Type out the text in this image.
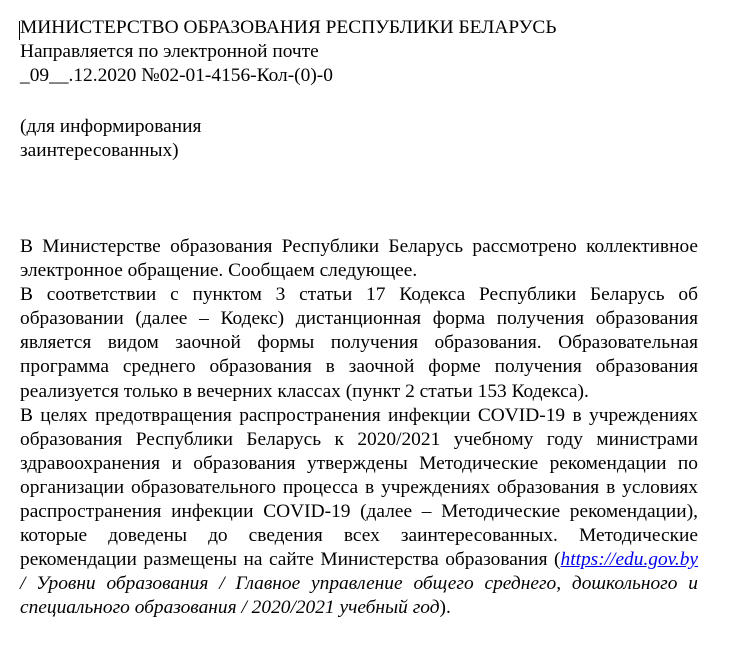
МИНИСТЕРСТВО ОБРАЗОВАНИЯ РЕСПУБЛИКИ БЕЛАРУСЬ
Направляется по электронной почте
_09__.12.2020 №02-01-4156-Кол-(0)-0
(для информирования
заинтересованных)

В Министерстве образования Республики Беларусь рассмотрено коллективное электронное обращение. Сообщаем следующее.

В соответствии с пунктом 3 статьи 17 Кодекса Республики Беларусь об образовании (далее – Кодекс) дистанционная форма получения образования является видом заочной формы получения образования. Образовательная программа среднего образования в заочной форме получения образования реализуется только в вечерних классах (пункт 2 статьи 153 Кодекса).

В целях предотвращения распространения инфекции COVID-19 в учреждениях образования Республики Беларусь к 2020/2021 учебному году министрами здравоохранения и образования утверждены Методические рекомендации по организации образовательного процесса в учреждениях образования в условиях распространения инфекции COVID-19 (далее – Методические рекомендации), которые доведены до сведения всех заинтересованных. Методические рекомендации размещены на сайте Министерства образования (https://edu.gov.by / Уровни образования / Главное управление общего среднего, дошкольного и специального образования / 2020/2021 учебный год).
